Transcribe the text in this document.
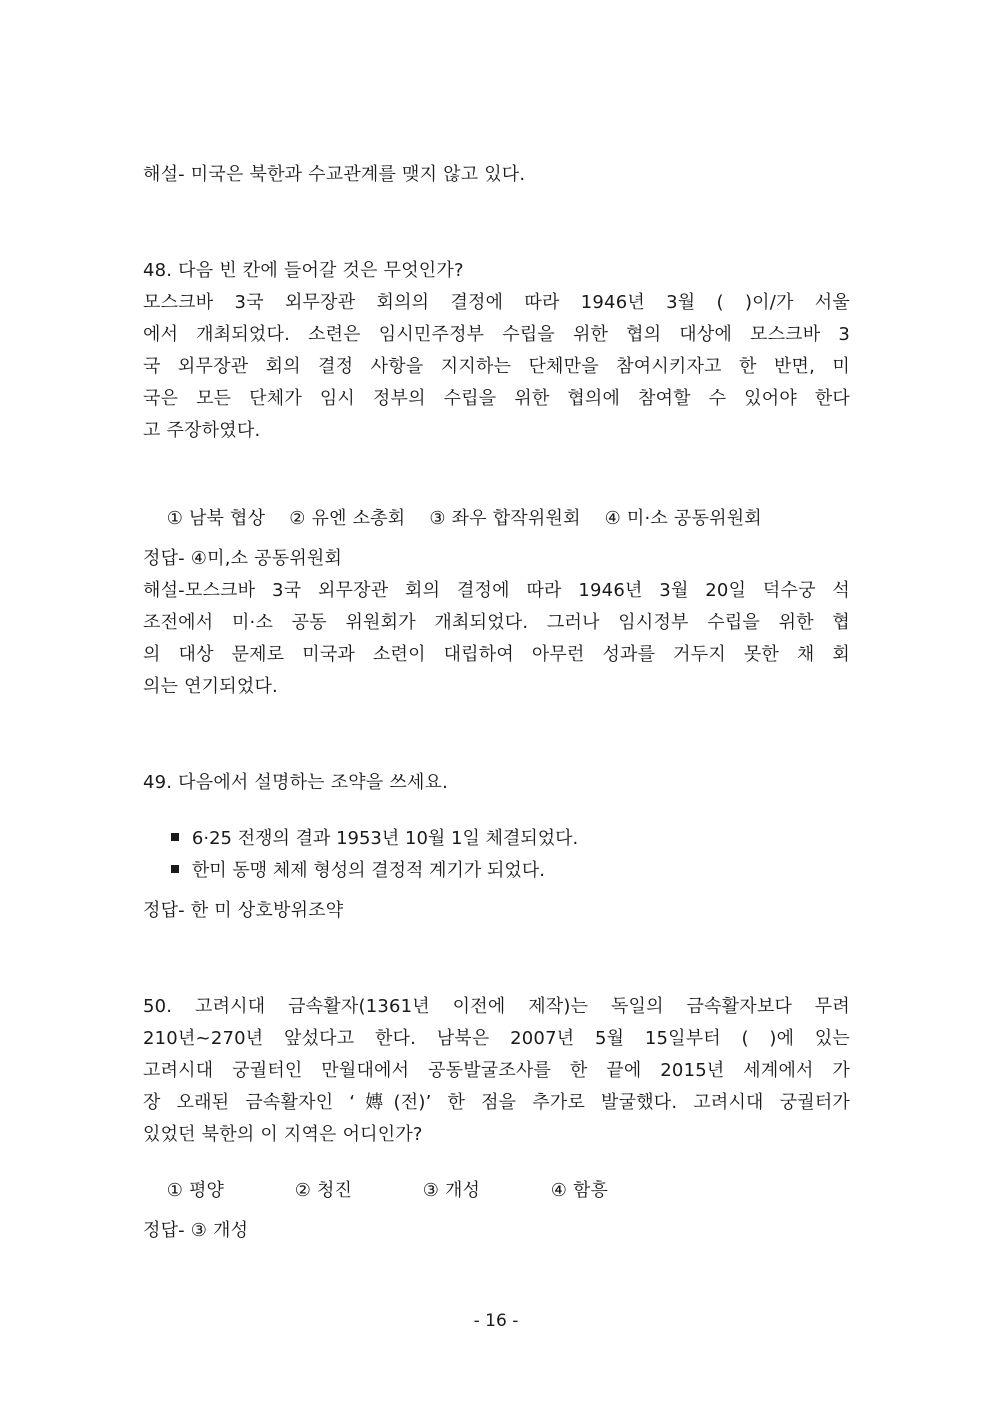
해설- 미국은 북한과 수교관계를 맺지 않고 있다.
48. 다음 빈 칸에 들어갈 것은 무엇인가?
모스크바 3국 외무장관 회의의 결정에 따라 1946년 3월 ( )이/가 서울
에서 개최되었다. 소련은 임시민주정부 수립을 위한 협의 대상에 모스크바 3
국 외무장관 회의 결정 사항을 지지하는 단체만을 참여시키자고 한 반면, 미
국은 모든 단체가 임시 정부의 수립을 위한 협의에 참여할 수 있어야 한다
고 주장하였다.

① 남북 협상 ② 유엔 소총회 ③ 좌우 합작위원회 ④ 미·소 공동위원회

정답- ④미,소 공동위원회
해설-모스크바 3국 외무장관 회의 결정에 따라 1946년 3월 20일 덕수궁 석
조전에서 미·소 공동 위원회가 개최되었다. 그러나 임시정부 수립을 위한 협
의 대상 문제로 미국과 소련이 대립하여 아무런 성과를 거두지 못한 채 회
의는 연기되었다.
49. 다음에서 설명하는 조약을 쓰세요.

6·25 전쟁의 결과 1953년 10월 1일 체결되었다.

한미 동맹 체제 형성의 결정적 계기가 되었다.

정답- 한 미 상호방위조약
50. 고려시대 금속활자(1361년 이전에 제작)는 독일의 금속활자보다 무려
210년~270년 앞섰다고 한다. 남북은 2007년 5월 15일부터 ( )에 있는
고려시대 궁궐터인 만월대에서 공동발굴조사를 한 끝에 2015년 세계에서 가
장 오래된 금속활자인 ‘嫥(전)’ 한 점을 추가로 발굴했다. 고려시대 궁궐터가
있었던 북한의 이 지역은 어디인가?

① 평양	② 청진	③ 개성	④ 함흥

정답- ③ 개성
- 16 -
